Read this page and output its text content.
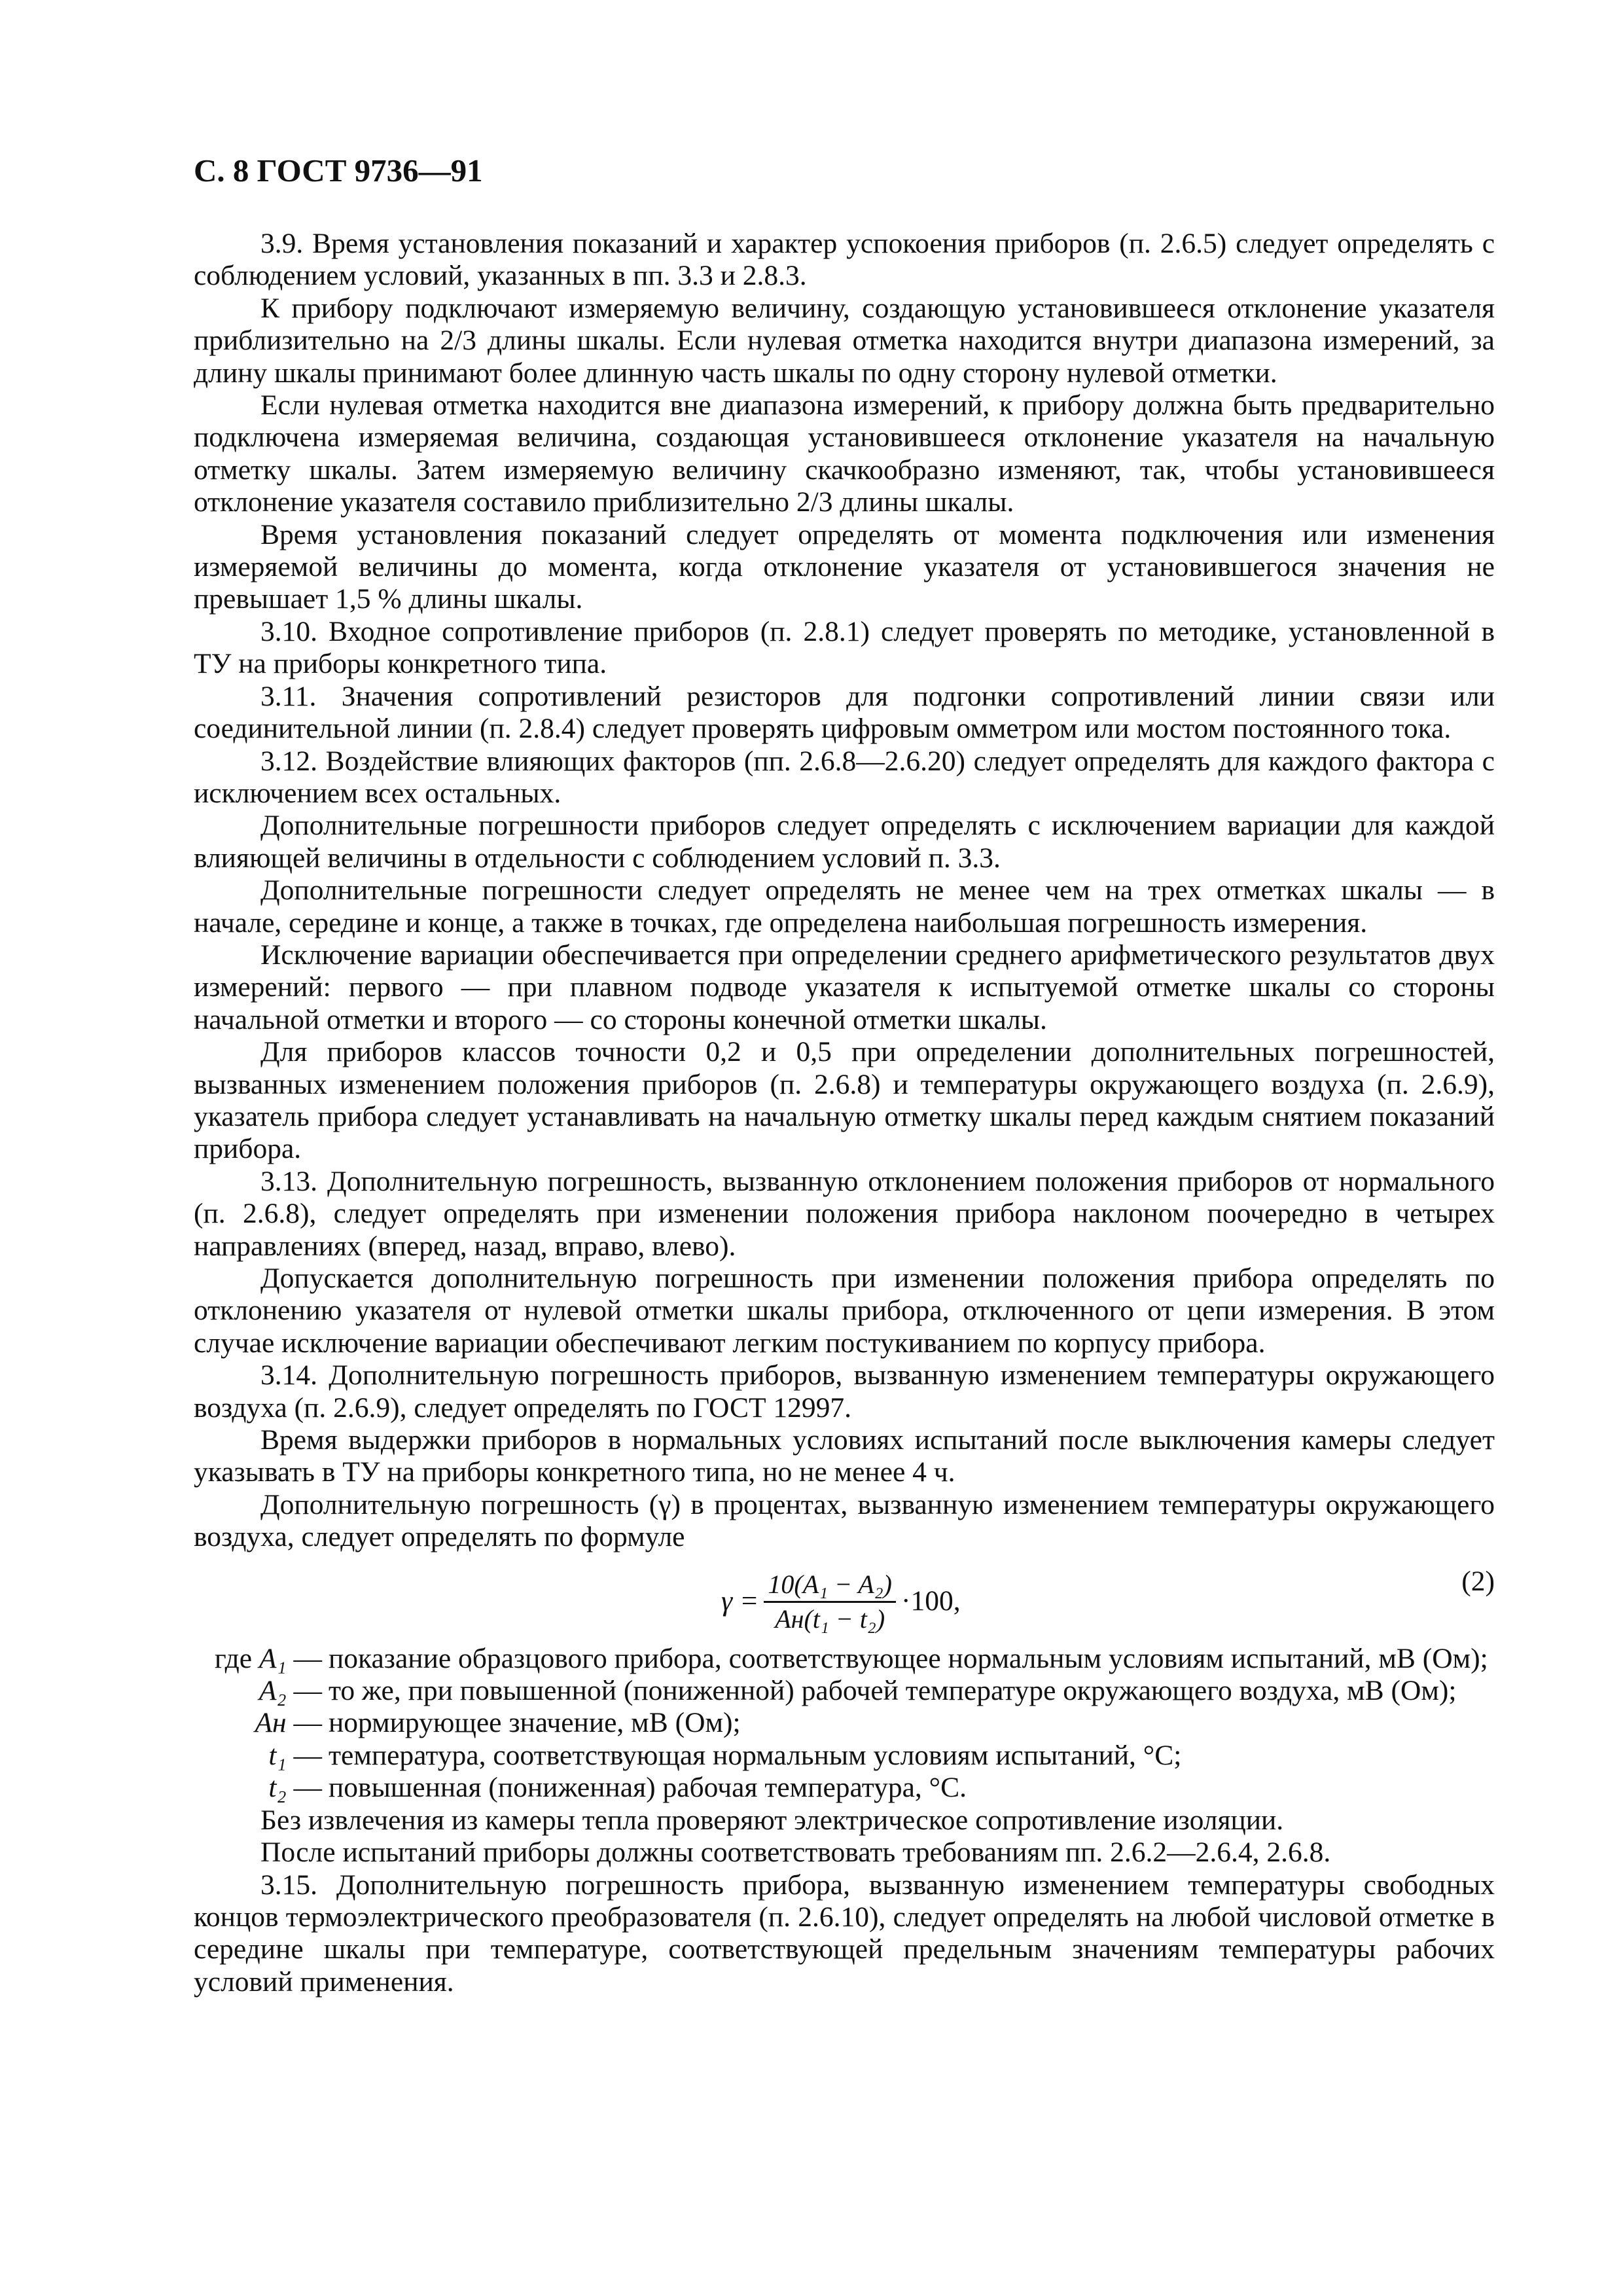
С. 8 ГОСТ 9736—91

3.9. Время установления показаний и характер успокоения приборов (п. 2.6.5) следует определять с соблюдением условий, указанных в пп. 3.3 и 2.8.3.

К прибору подключают измеряемую величину, создающую установившееся отклонение указателя приблизительно на 2/3 длины шкалы. Если нулевая отметка находится внутри диапазона измерений, за длину шкалы принимают более длинную часть шкалы по одну сторону нулевой отметки.

Если нулевая отметка находится вне диапазона измерений, к прибору должна быть предварительно подключена измеряемая величина, создающая установившееся отклонение указателя на начальную отметку шкалы. Затем измеряемую величину скачкообразно изменяют, так, чтобы установившееся отклонение указателя составило приблизительно 2/3 длины шкалы.

Время установления показаний следует определять от момента подключения или изменения измеряемой величины до момента, когда отклонение указателя от установившегося значения не превышает 1,5 % длины шкалы.

3.10. Входное сопротивление приборов (п. 2.8.1) следует проверять по методике, установленной в ТУ на приборы конкретного типа.

3.11. Значения сопротивлений резисторов для подгонки сопротивлений линии связи или соединительной линии (п. 2.8.4) следует проверять цифровым омметром или мостом постоянного тока.

3.12. Воздействие влияющих факторов (пп. 2.6.8—2.6.20) следует определять для каждого фактора с исключением всех остальных.

Дополнительные погрешности приборов следует определять с исключением вариации для каждой влияющей величины в отдельности с соблюдением условий п. 3.3.

Дополнительные погрешности следует определять не менее чем на трех отметках шкалы — в начале, середине и конце, а также в точках, где определена наибольшая погрешность измерения.

Исключение вариации обеспечивается при определении среднего арифметического результатов двух измерений: первого — при плавном подводе указателя к испытуемой отметке шкалы со стороны начальной отметки и второго — со стороны конечной отметки шкалы.

Для приборов классов точности 0,2 и 0,5 при определении дополнительных погрешностей, вызванных изменением положения приборов (п. 2.6.8) и температуры окружающего воздуха (п. 2.6.9), указатель прибора следует устанавливать на начальную отметку шкалы перед каждым снятием показаний прибора.

3.13. Дополнительную погрешность, вызванную отклонением положения приборов от нормального (п. 2.6.8), следует определять при изменении положения прибора наклоном поочередно в четырех направлениях (вперед, назад, вправо, влево).

Допускается дополнительную погрешность при изменении положения прибора определять по отклонению указателя от нулевой отметки шкалы прибора, отключенного от цепи измерения. В этом случае исключение вариации обеспечивают легким постукиванием по корпусу прибора.

3.14. Дополнительную погрешность приборов, вызванную изменением температуры окружающего воздуха (п. 2.6.9), следует определять по ГОСТ 12997.

Время выдержки приборов в нормальных условиях испытаний после выключения камеры следует указывать в ТУ на приборы конкретного типа, но не менее 4 ч.

Дополнительную погрешность (γ) в процентах, вызванную изменением температуры окружающего воздуха, следует определять по формуле

$\gamma = \frac{\text{10(A₁ − A₂)}}{\text{Aн(t₁ − t₂)}} \cdot 100$,
(2)
где A₁ — показание образцового прибора, соответствующее нормальным условиям испытаний, мВ (Ом);
A₂ — то же, при повышенной (пониженной) рабочей температуре окружающего воздуха, мВ (Ом);
Aн — нормирующее значение, мВ (Ом);
t₁ — температура, соответствующая нормальным условиям испытаний, °С;
t₂ — повышенная (пониженная) рабочая температура, °С.

Без извлечения из камеры тепла проверяют электрическое сопротивление изоляции.

После испытаний приборы должны соответствовать требованиям пп. 2.6.2—2.6.4, 2.6.8.

3.15. Дополнительную погрешность прибора, вызванную изменением температуры свободных концов термоэлектрического преобразователя (п. 2.6.10), следует определять на любой числовой отметке в середине шкалы при температуре, соответствующей предельным значениям температуры рабочих условий применения.
